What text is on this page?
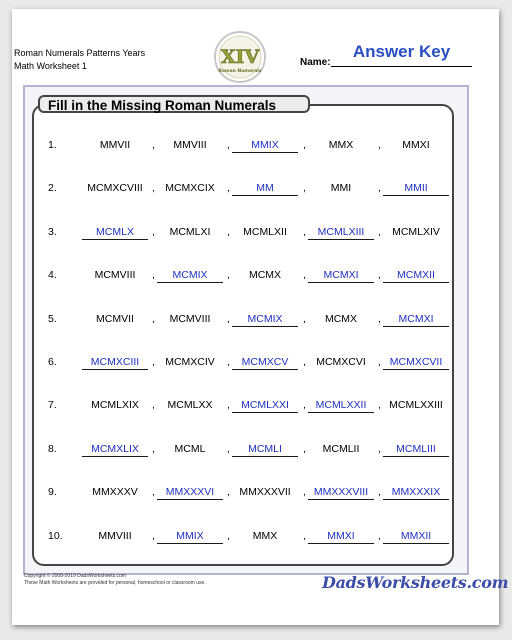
Roman Numerals Patterns Years
Math Worksheet 1	XIV
Roman Numerals
Name:
Answer Key
Fill in the Missing Roman Numerals
1.	MMVII	,	MMVIII	,	MMIX	,	MMX	,	MMXI
2.	MCMXCVIII , MCMXCIX	,	MM	,	MMI	,	MMII
3.	MCMLX	,	MCMLXI	,	MCMLXII	,	MCMLXIII	,	MCMLXIV
4.	MCMVIII	,	MCMIX	,	MCMX	,	MCMXI	,	MCMXII
5.	MCMVII	,	MCMVIII	,	MCMIX	,	MCMX	,	MCMXI
6.	MCMXCIII	, MCMXCIV	,	MCMXCV	, MCMXCVI	, MCMXCVII
7.	MCMLXIX	,	MCMLXX	,	MCMLXXI	, MCMLXXII	, MCMLXXIII
8.	MCMXLIX	,	MCML	,	MCMLI	,	MCMLII	,	MCMLIII
9.	MMXXXV	,	MMXXXVI	, MMXXXVII	, MMXXXVIII ,	MMXXXIX
10.	MMVIII	,	MMIX	,	MMX	,	MMXI	,	MMXII
Copyright © 2008-2019 DadsWorksheets.com
These Math Worksheets are provided for personal, homeschool or classroom use.	DadsWorksheets.com
